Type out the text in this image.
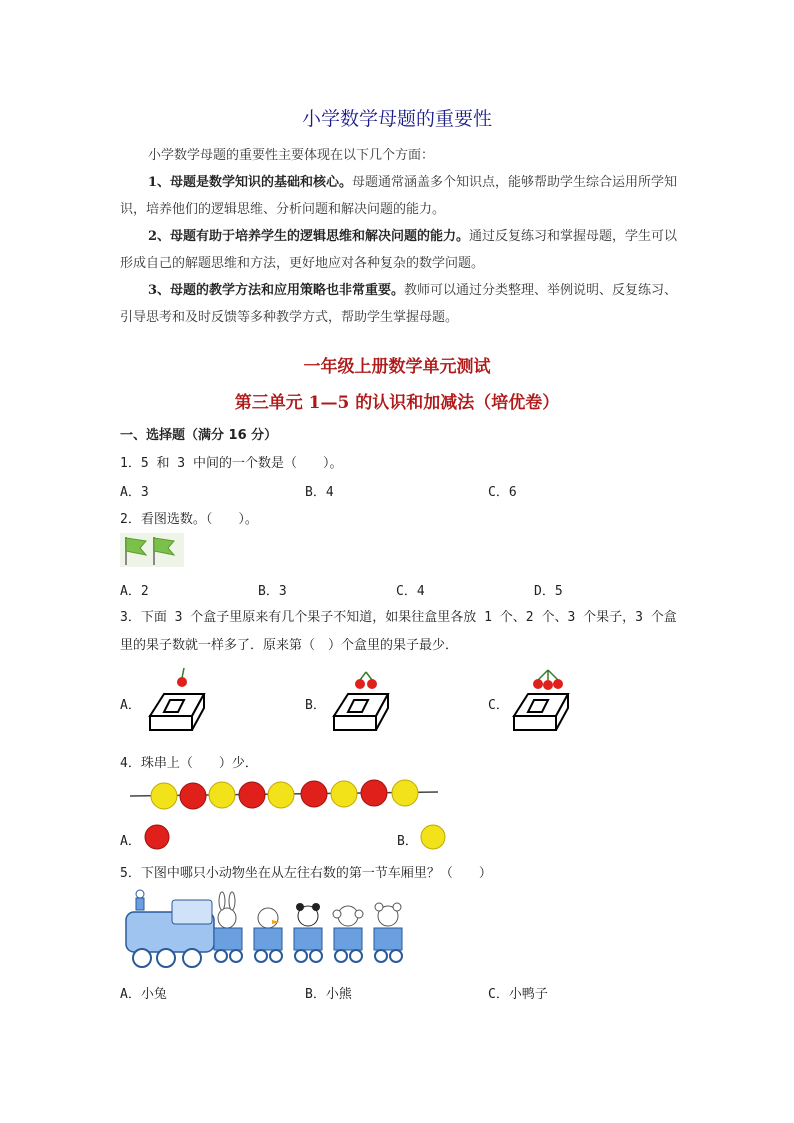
小学数学母题的重要性
小学数学母题的重要性主要体现在以下几个方面：
1、母题是数学知识的基础和核心。母题通常涵盖多个知识点，能够帮助学生综合运用所学知识，培养他们的逻辑思维、分析问题和解决问题的能力。
2、母题有助于培养学生的逻辑思维和解决问题的能力。通过反复练习和掌握母题，学生可以形成自己的解题思维和方法，更好地应对各种复杂的数学问题。
3、母题的教学方法和应用策略也非常重要。教师可以通过分类整理、举例说明、反复练习、引导思考和及时反馈等多种教学方式，帮助学生掌握母题。
一年级上册数学单元测试
第三单元 1—5 的认识和加减法（培优卷）
一、选择题（满分 16 分）
1．5 和 3 中间的一个数是（　　）。
A．3	B．4	C．6
2．看图选数。（　　）。
A．2	B．3	C．4	D．5
3．下面 3 个盒子里原来有几个果子不知道，如果往盒里各放 1 个、2 个、3 个果子，3 个盒
里的果子数就一样多了．原来第（　）个盒里的果子最少．
A．	B．	C．
4．珠串上（　　）少．
A．	B．
5．下图中哪只小动物坐在从左往右数的第一节车厢里？（　　）
A．小兔	B．小熊	C．小鸭子
